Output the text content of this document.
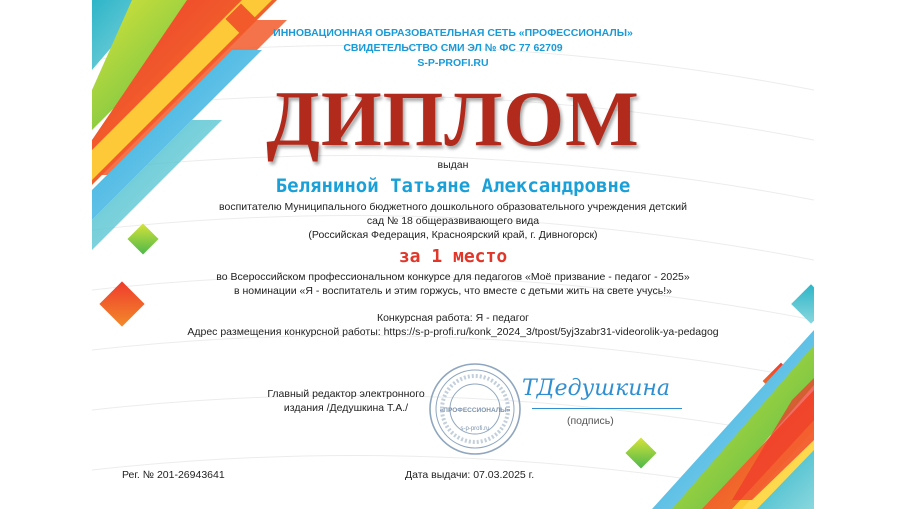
ИННОВАЦИОННАЯ ОБРАЗОВАТЕЛЬНАЯ СЕТЬ «ПРОФЕССИОНАЛЫ»
СВИДЕТЕЛЬСТВО СМИ ЭЛ № ФС 77 62709
S-P-PROFI.RU
ДИПЛОМ
выдан
Беляниной Татьяне Александровне
воспитателю Муниципального бюджетного дошкольного образовательного учреждения детский
сад № 18 общеразвивающего вида
(Российская Федерация, Красноярский край, г. Дивногорск)
за 1 место
во Всероссийском профессиональном конкурсе для педагогов «Моё призвание - педагог - 2025»
в номинации «Я - воспитатель и этим горжусь, что вместе с детьми жить на свете учусь!»
Конкурсная работа: Я - педагог
Адрес размещения конкурсной работы: https://s-p-profi.ru/konk_2024_3/tpost/5yj3zabr31-videorolik-ya-pedagog
Главный редактор электронного
издания /Дедушкина Т.А./	«ПРОФЕССИОНАЛЫ»
s-p-profi.ru
ТДедушкина
(подпись)
Рег. № 201-26943641	Дата выдачи: 07.03.2025 г.
